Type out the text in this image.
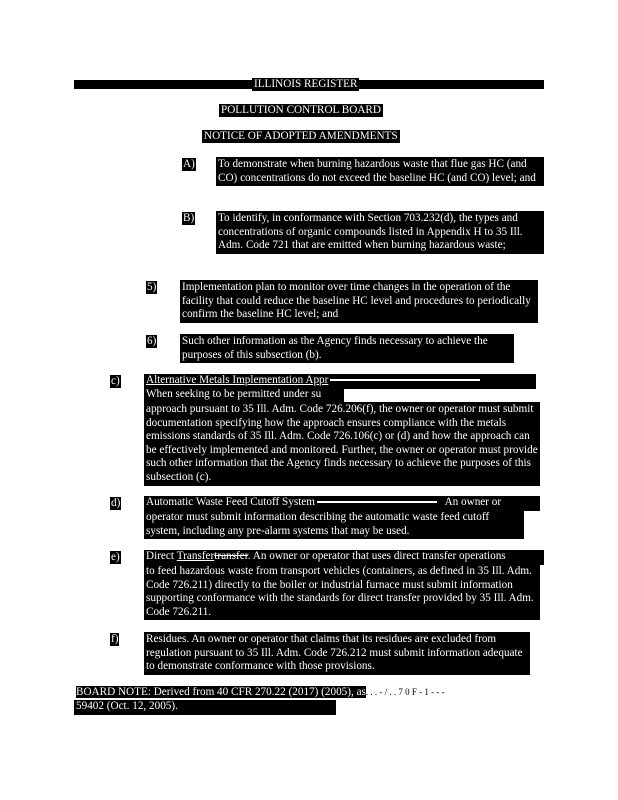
ILLINOIS REGISTER
POLLUTION CONTROL BOARD
NOTICE OF ADOPTED AMENDMENTS
A) To demonstrate when burning hazardous waste that flue gas HC (and CO) concentrations do not exceed the baseline HC (and CO) level; and
B) To identify, in conformance with Section 703.232(d), the types and concentrations of organic compounds listed in Appendix H to 35 Ill. Adm. Code 721 that are emitted when burning hazardous waste;
5) Implementation plan to monitor over time changes in the operation of the facility that could reduce the baseline HC level and procedures to periodically confirm the baseline HC level; and
6) Such other information as the Agency finds necessary to achieve the purposes of this subsection (b).
c) Alternative Metals Implementation Appr
When seeking to be permitted under su
approach pursuant to 35 Ill. Adm. Code 726.206(f), the owner or operator must submit documentation specifying how the approach ensures compliance with the metals emissions standards of 35 Ill. Adm. Code 726.106(c) or (d) and how the approach can be effectively implemented and monitored. Further, the owner or operator must provide such other information that the Agency finds necessary to achieve the purposes of this subsection (c).
d) Automatic Waste Feed Cutoff System	An owner or
operator must submit information describing the automatic waste feed cutoff system, including any pre-alarm systems that may be used.
e) Direct Transfertransfer. An owner or operator that uses direct transfer operations
to feed hazardous waste from transport vehicles (containers, as defined in 35 Ill. Adm. Code 726.211) directly to the boiler or industrial furnace must submit information supporting conformance with the standards for direct transfer provided by 35 Ill. Adm. Code 726.211.
f) Residues. An owner or operator that claims that its residues are excluded from regulation pursuant to 35 Ill. Adm. Code 726.212 must submit information adequate to demonstrate conformance with those provisions.
BOARD NOTE: Derived from 40 CFR 270.22 (2017) (2005), as. . . - / . . 7 0 F - 1 - - -
59402 (Oct. 12, 2005).
